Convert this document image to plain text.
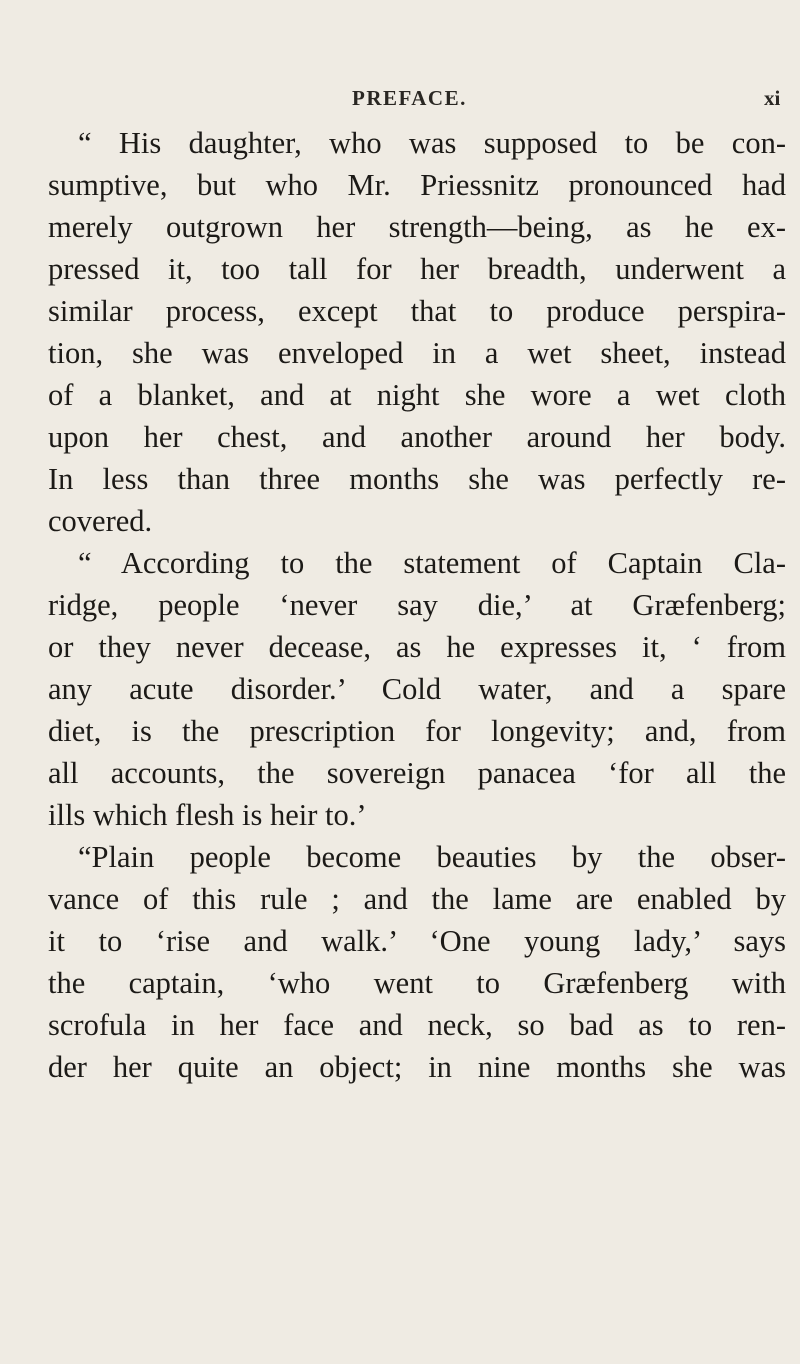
PREFACE.	xi
“ His daughter, who was supposed to be con-
sumptive, but who Mr. Priessnitz pronounced had
merely outgrown her strength—being, as he ex-
pressed it, too tall for her breadth, underwent a
similar process, except that to produce perspira-
tion, she was enveloped in a wet sheet, instead
of a blanket, and at night she wore a wet cloth
upon her chest, and another around her body.
In less than three months she was perfectly re-
covered.
“ According to the statement of Captain Cla-
ridge, people ‘never say die,’ at Græfenberg;
or they never decease, as he expresses it, ‘ from
any acute disorder.’ Cold water, and a spare
diet, is the prescription for longevity; and, from
all accounts, the sovereign panacea ‘for all the
ills which flesh is heir to.’
“Plain people become beauties by the obser-
vance of this rule ; and the lame are enabled by
it to ‘rise and walk.’ ‘One young lady,’ says
the captain, ‘who went to Græfenberg with
scrofula in her face and neck, so bad as to ren-
der her quite an object; in nine months she was
